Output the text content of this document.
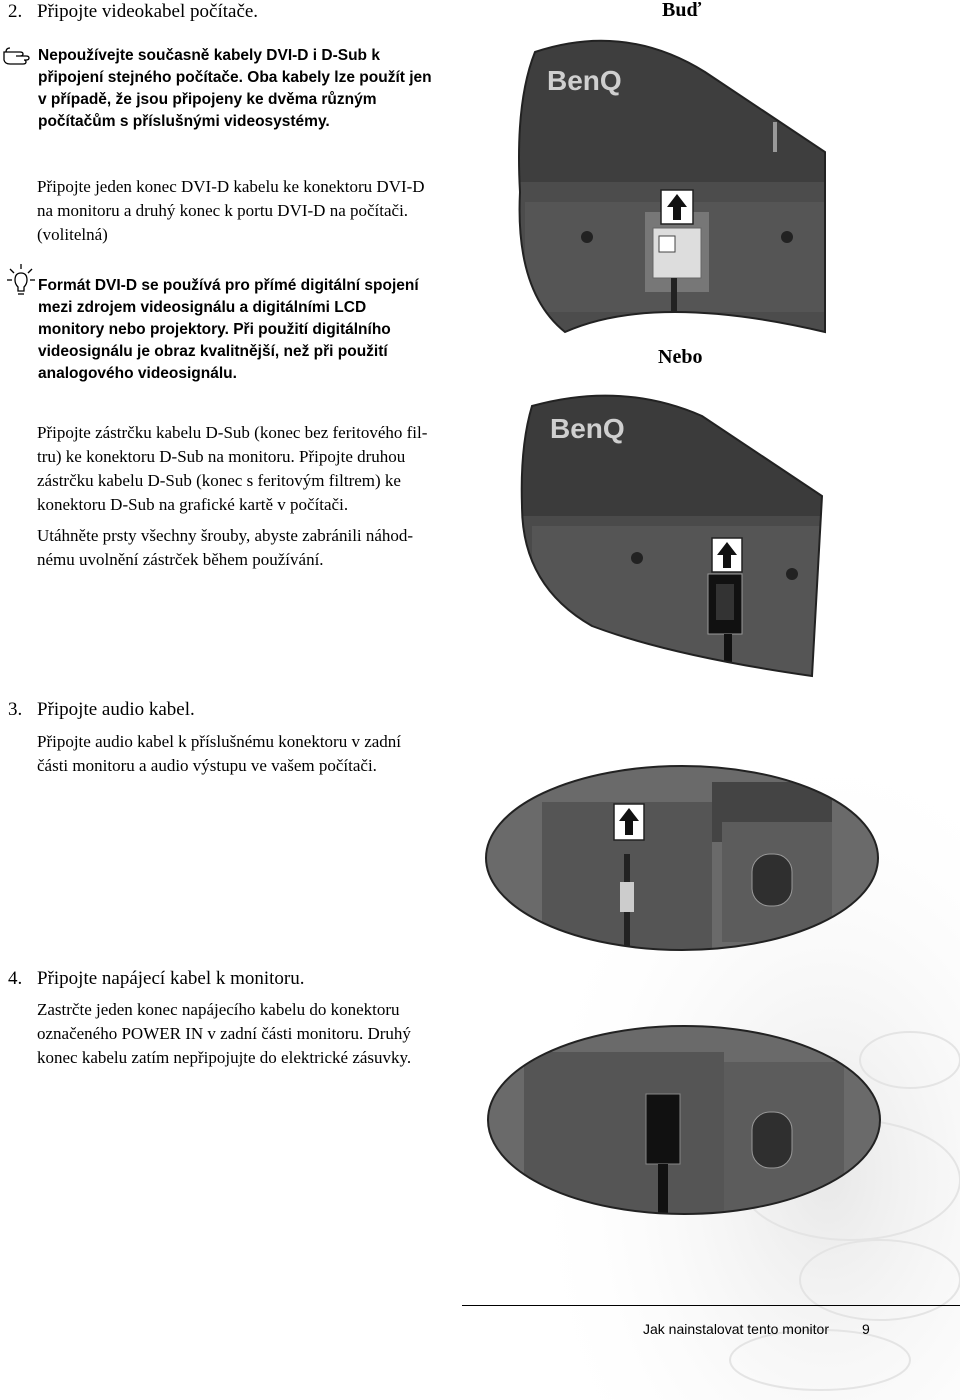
2. Připojte videokabel počítače.	Buď
Nepoužívejte současně kabely DVI-D i D-Sub k
připojení stejného počítače. Oba kabely lze použít jen
v případě, že jsou připojeny ke dvěma různým
počítačům s příslušnými videosystémy.
Připojte jeden konec DVI-D kabelu ke konektoru DVI-D
na monitoru a druhý konec k portu DVI-D na počítači.
(volitelná)
Formát DVI-D se používá pro přímé digitální spojení
mezi zdrojem videosignálu a digitálními LCD
monitory nebo projektory. Při použití digitálního
videosignálu je obraz kvalitnější, než při použití
analogového videosignálu.
BenQ
Nebo
Připojte zástrčku kabelu D-Sub (konec bez feritového fil-
tru) ke konektoru D-Sub na monitoru. Připojte druhou
zástrčku kabelu D-Sub (konec s feritovým filtrem) ke
konektoru D-Sub na grafické kartě v počítači.
Utáhněte prsty všechny šrouby, abyste zabránili náhod-
nému uvolnění zástrček během používání.
BenQ
3. Připojte audio kabel.
Připojte audio kabel k příslušnému konektoru v zadní
části monitoru a audio výstupu ve vašem počítači.
4. Připojte napájecí kabel k monitoru.
Zastrčte jeden konec napájecího kabelu do konektoru
označeného POWER IN v zadní části monitoru. Druhý
konec kabelu zatím nepřipojujte do elektrické zásuvky.
Jak nainstalovat tento monitor 9
